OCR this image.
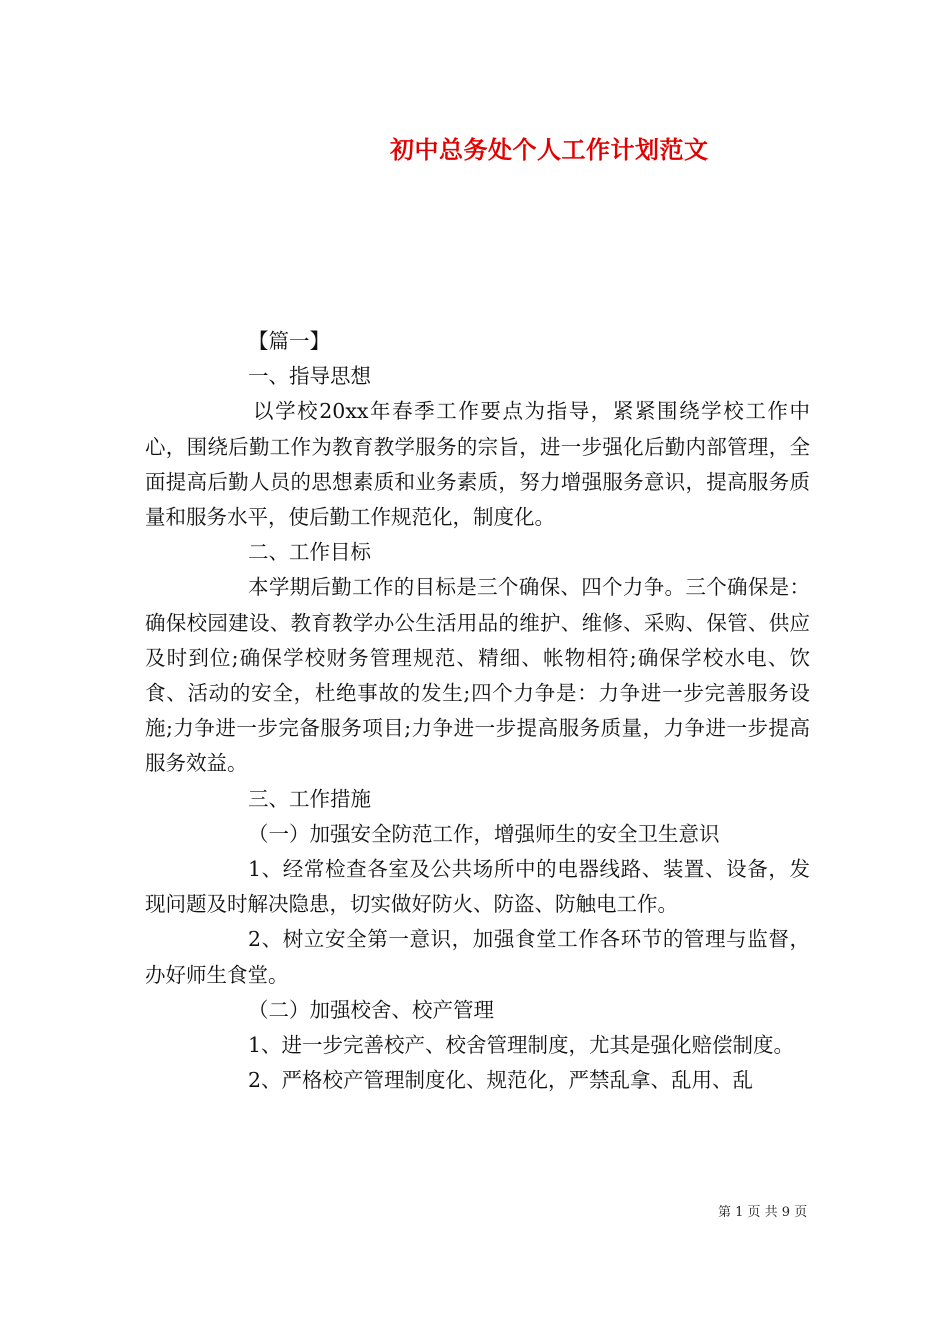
初中总务处个人工作计划范文

【篇一】

一、指导思想

以学校20xx年春季工作要点为指导，紧紧围绕学校工作中心，围绕后勤工作为教育教学服务的宗旨，进一步强化后勤内部管理，全面提高后勤人员的思想素质和业务素质，努力增强服务意识，提高服务质量和服务水平，使后勤工作规范化，制度化。

二、工作目标

本学期后勤工作的目标是三个确保、四个力争。三个确保是：确保校园建设、教育教学办公生活用品的维护、维修、采购、保管、供应及时到位;确保学校财务管理规范、精细、帐物相符;确保学校水电、饮食、活动的安全，杜绝事故的发生;四个力争是：力争进一步完善服务设施;力争进一步完备服务项目;力争进一步提高服务质量，力争进一步提高服务效益。

三、工作措施

（一）加强安全防范工作，增强师生的安全卫生意识

1、经常检查各室及公共场所中的电器线路、装置、设备，发现问题及时解决隐患，切实做好防火、防盗、防触电工作。

2、树立安全第一意识，加强食堂工作各环节的管理与监督，办好师生食堂。

（二）加强校舍、校产管理

1、进一步完善校产、校舍管理制度，尤其是强化赔偿制度。

2、严格校产管理制度化、规范化，严禁乱拿、乱用、乱

第 1 页 共 9 页
